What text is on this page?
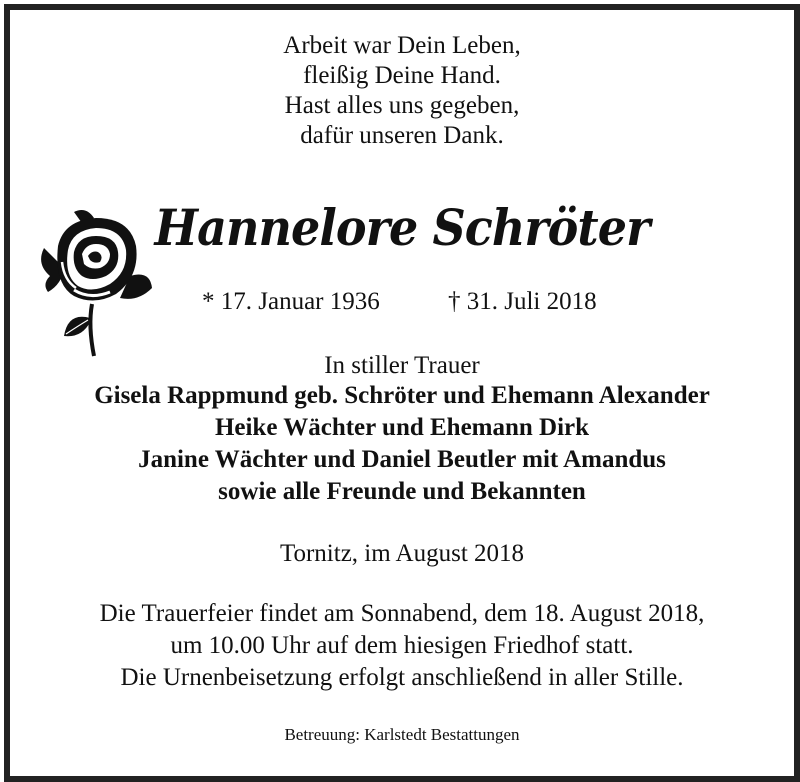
Arbeit war Dein Leben,
fleißig Deine Hand.
Hast alles uns gegeben,
dafür unseren Dank.
Hannelore Schröter
* 17. Januar 1936	† 31. Juli 2018
In stiller Trauer
Gisela Rappmund geb. Schröter und Ehemann Alexander
Heike Wächter und Ehemann Dirk
Janine Wächter und Daniel Beutler mit Amandus
sowie alle Freunde und Bekannten
Tornitz, im August 2018
Die Trauerfeier findet am Sonnabend, dem 18. August 2018,
um 10.00 Uhr auf dem hiesigen Friedhof statt.
Die Urnenbeisetzung erfolgt anschließend in aller Stille.
Betreuung: Karlstedt Bestattungen
